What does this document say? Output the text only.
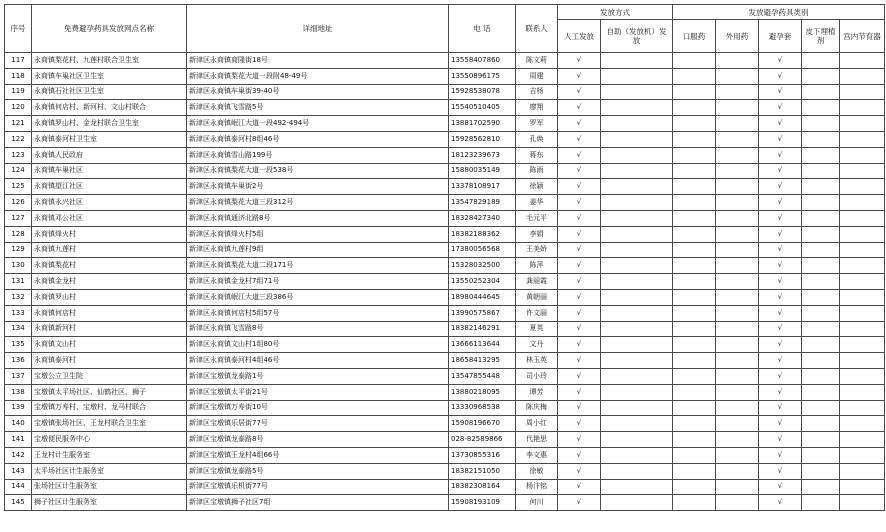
序号	免费避孕药具发放网点名称	详细地址	电 话	联系人	发放方式		发放避孕药具类别				
					人工发放	自助（发放机）发放	口服药	外用药	避孕套	皮下埋植剂	宫内节育器
117	永商镇梨花村、九莲村联合卫生室	新津区永商镇商隆街18号	13558407860	陈文莉	√				√		
118	永商镇车巢社区卫生室	新津区永商镇梨花大道一段附48-49号	13550896175	周建	√				√		
119	永商镇石社社区卫生室	新津区永商镇车巢街39-40号	15928538078	吉杨	√				√		
120	永商镇何店村、新河村、文山村联合	新津区永商镇飞雪路5号	15540510405	廖翔	√				√		
121	永商镇罗山村、金龙村联合卫生室	新津区永商镇岷江大道一段492-494号	13881702590	罗军	√				√		
122	永商镇泰河村卫生室	新津区永商镇泰河村8组46号	15928562810	孔焕	√				√		
123	永商镇人民政府	新津区永商镇雪山路199号	18123239673	蒋东	√				√		
124	永商镇车巢社区	新津区永商镇梨花大道一段538号	15880035149	陈雨	√				√		
125	永商镇望江社区	新津区永商镇车巢街2号	13378108917	徐颖	√				√		
126	永商镇永兴社区	新津区永商镇梨花大道三段312号	13547829189	姜华	√				√		
127	永商镇邓公社区	新津区永商镇通济北路8号	18328427340	毛元平	√				√		
128	永商镇烽火村	新津区永商镇烽火村5组	18382188362	李娟	√				√		
129	永商镇九莲村	新津区永商镇九莲村9组	17380056568	王美娇	√				√		
130	永商镇梨花村	新津区永商镇梨花大道二段171号	15328032500	陈萍	√				√		
131	永商镇金龙村	新津区永商镇金龙村7组71号	13550252304	龚丽霞	√				√		
132	永商镇罗山村	新津区永商镇岷江大道三段386号	18980444645	黄朝丽	√				√		
133	永商镇何店村	新津区永商镇何店村5组57号	13990575867	许文丽	√				√		
134	永商镇新河村	新津区永商镇飞雪路8号	18382146291	夏英	√				√		
135	永商镇文山村	新津区永商镇文山村1组80号	13666113644	文丹	√				√		
136	永商镇泰河村	新津区永商镇泰河村4组46号	18658413295	林玉英	√				√		
137	宝墩公立卫生院	新津区宝墩镇龙泰路1号	13547855448	司小玲	√				√		
138	宝墩镇太平场社区、仙鹤社区、狮子	新津区宝墩镇太平街21号	13880218095	谭芳	√				√		
139	宝墩镇万寿村、宝墩村、龙马村联合	新津区宝墩镇万寿街10号	13330968538	陈庆梅	√				√		
140	宝墩镇张场社区、王龙村联合卫生室	新津区宝墩镇乐居街77号	15908196670	周小红	√				√		
141	宝墩便民服务中心	新津区宝墩镇龙泰路8号	028-82589866	代艳思	√				√		
142	王龙村计生服务室	新津区宝墩镇王龙村4组66号	13730855316	李文惠	√				√		
143	太平场社区计生服务室	新津区宝墩镇龙泰路5号	18382151050	徐敏	√				√		
144	张场社区计生服务室	新津区宝墩镇乐机街77号	18382308164	杨汴铭	√				√		
145	狮子社区计生服务室	新津区宝墩镇狮子社区7组	15908193109	何川	√				√		
